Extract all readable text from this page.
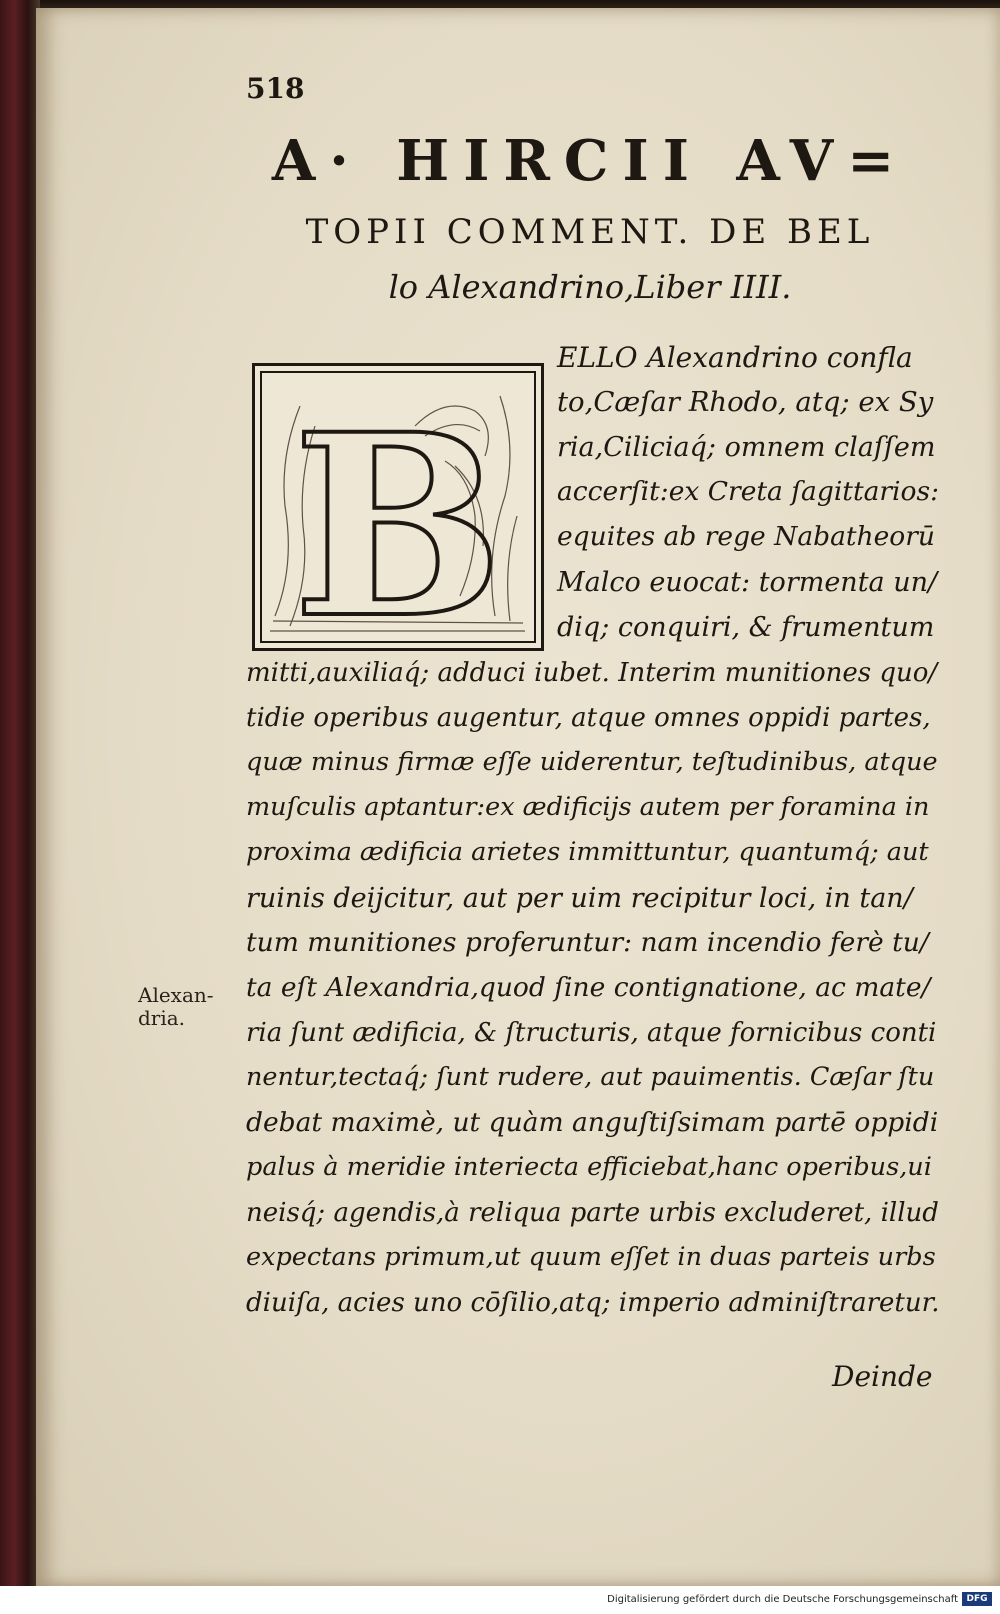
518
A· HIRCII AV=
TOPII COMMENT. DE BEL
lo Alexandrino,Liber IIII.
B
ELLO Alexandrino confla
to,Cæſar Rhodo, atq; ex Sy
ria,Ciliciaq́; omnem claſſem
accerſit:ex Creta ſagittarios:
equites ab rege Nabatheorū
Malco euocat: tormenta un/
diq; conquiri, & frumentum
mitti,auxiliaq́; adduci iubet. Interim munitiones quo/
tidie operibus augentur, atque omnes oppidi partes,
quæ minus firmæ eſſe uiderentur, teſtudinibus, atque
muſculis aptantur:ex ædificijs autem per foramina in
proxima ædificia arietes immittuntur, quantumq́; aut
ruinis deijcitur, aut per uim recipitur loci, in tan/
tum munitiones proferuntur: nam incendio ferè tu/
ta eſt Alexandria,quod ſine contignatione, ac mate/
ria ſunt ædificia, & ſtructuris, atque fornicibus conti
nentur,tectaq́; ſunt rudere, aut pauimentis. Cæſar ſtu
debat maximè, ut quàm anguſtiſsimam partē oppidi
palus à meridie interiecta efficiebat,hanc operibus,ui
neisq́; agendis,à reliqua parte urbis excluderet, illud
expectans primum,ut quum eſſet in duas parteis urbs
diuiſa, acies uno cōſilio,atq; imperio adminiſtraretur.
Deinde
Alexan-
dria.
Digitalisierung gefördert durch die Deutsche Forschungsgemeinschaft DFG
